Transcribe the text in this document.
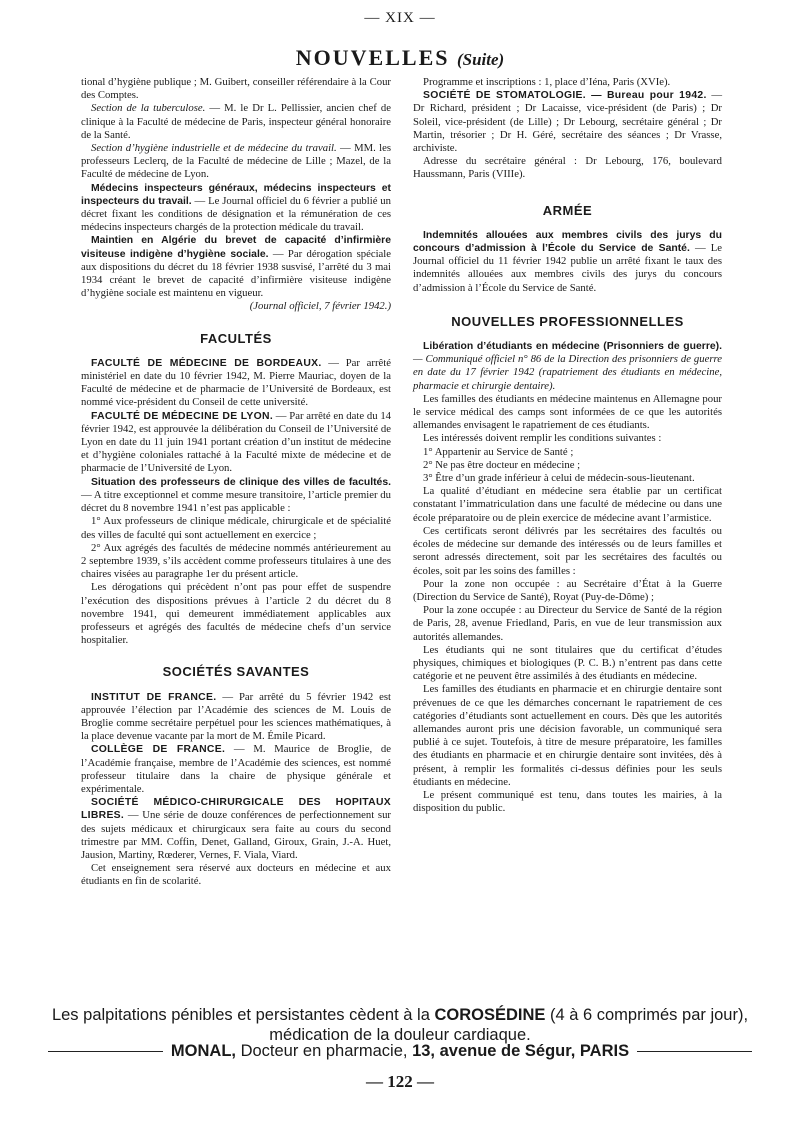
— XIX —
NOUVELLES (Suite)

tional d’hygiène publique ; M. Guibert, conseiller référendaire à la Cour des Comptes.

Section de la tuberculose. — M. le Dr L. Pellissier, ancien chef de clinique à la Faculté de médecine de Paris, inspecteur général honoraire de la Santé.

Section d’hygiène industrielle et de médecine du travail. — MM. les professeurs Leclerq, de la Faculté de médecine de Lille ; Mazel, de la Faculté de médecine de Lyon.

Médecins inspecteurs généraux, médecins inspecteurs et inspecteurs du travail. — Le Journal officiel du 6 février a publié un décret fixant les conditions de désignation et la rémunération de ces médecins inspecteurs chargés de la protection médicale du travail.

Maintien en Algérie du brevet de capacité d’infirmière visiteuse indigène d’hygiène sociale. — Par dérogation spéciale aux dispositions du décret du 18 février 1938 susvisé, l’arrêté du 3 mai 1934 créant le brevet de capacité d’infirmière visiteuse indigène d’hygiène sociale est maintenu en vigueur.

(Journal officiel, 7 février 1942.)

FACULTÉS

FACULTÉ DE MÉDECINE DE BORDEAUX. — Par arrêté ministériel en date du 10 février 1942, M. Pierre Mauriac, doyen de la Faculté de médecine et de pharmacie de l’Université de Bordeaux, est nommé vice-président du Conseil de cette université.

FACULTÉ DE MÉDECINE DE LYON. — Par arrêté en date du 14 février 1942, est approuvée la délibération du Conseil de l’Université de Lyon en date du 11 juin 1941 portant création d’un institut de médecine et d’hygiène coloniales rattaché à la Faculté mixte de médecine et de pharmacie de l’Université de Lyon.

Situation des professeurs de clinique des villes de facultés. — A titre exceptionnel et comme mesure transitoire, l’article premier du décret du 8 novembre 1941 n’est pas applicable :

1° Aux professeurs de clinique médicale, chirurgicale et de spécialité des villes de faculté qui sont actuellement en exercice ;

2° Aux agrégés des facultés de médecine nommés antérieurement au 2 septembre 1939, s’ils accèdent comme professeurs titulaires à une des chaires visées au paragraphe 1er du présent article.

Les dérogations qui précèdent n’ont pas pour effet de suspendre l’exécution des dispositions prévues à l’article 2 du décret du 8 novembre 1941, qui demeurent immédiatement applicables aux professeurs et agrégés des facultés de médecine chefs d’un service hospitalier.

SOCIÉTÉS SAVANTES

INSTITUT DE FRANCE. — Par arrêté du 5 février 1942 est approuvée l’élection par l’Académie des sciences de M. Louis de Broglie comme secrétaire perpétuel pour les sciences mathématiques, à la place devenue vacante par la mort de M. Émile Picard.

COLLÈGE DE FRANCE. — M. Maurice de Broglie, de l’Académie française, membre de l’Académie des sciences, est nommé professeur titulaire dans la chaire de physique générale et expérimentale.

SOCIÉTÉ MÉDICO-CHIRURGICALE DES HOPITAUX LIBRES. — Une série de douze conférences de perfectionnement sur des sujets médicaux et chirurgicaux sera faite au cours du second trimestre par MM. Coffin, Denet, Galland, Giroux, Grain, J.-A. Huet, Jausion, Martiny, Rœderer, Vernes, F. Viala, Viard.

Cet enseignement sera réservé aux docteurs en médecine et aux étudiants en fin de scolarité.

Programme et inscriptions : 1, place d’Iéna, Paris (XVIe).

SOCIÉTÉ DE STOMATOLOGIE. — Bureau pour 1942. — Dr Richard, président ; Dr Lacaisse, vice-président (de Paris) ; Dr Soleil, vice-président (de Lille) ; Dr Lebourg, secrétaire général ; Dr Martin, trésorier ; Dr H. Géré, secrétaire des séances ; Dr Vrasse, archiviste.

Adresse du secrétaire général : Dr Lebourg, 176, boulevard Haussmann, Paris (VIIIe).

ARMÉE

Indemnités allouées aux membres civils des jurys du concours d’admission à l’École du Service de Santé. — Le Journal officiel du 11 février 1942 publie un arrêté fixant le taux des indemnités allouées aux membres civils des jurys du concours d’admission à l’École du Service de Santé.

NOUVELLES PROFESSIONNELLES

Libération d’étudiants en médecine (Prisonniers de guerre). — Communiqué officiel n° 86 de la Direction des prisonniers de guerre en date du 17 février 1942 (rapatriement des étudiants en médecine, pharmacie et chirurgie dentaire).

Les familles des étudiants en médecine maintenus en Allemagne pour le service médical des camps sont informées de ce que les autorités allemandes envisagent le rapatriement de ces étudiants.

Les intéressés doivent remplir les conditions suivantes :

1° Appartenir au Service de Santé ;

2° Ne pas être docteur en médecine ;

3° Être d’un grade inférieur à celui de médecin-sous-lieutenant.

La qualité d’étudiant en médecine sera établie par un certificat constatant l’immatriculation dans une faculté de médecine ou dans une école préparatoire ou de plein exercice de médecine avant l’armistice.

Ces certificats seront délivrés par les secrétaires des facultés ou écoles de médecine sur demande des intéressés ou de leurs familles et seront adressés directement, soit par les secrétaires des facultés ou écoles, soit par les soins des familles :

Pour la zone non occupée : au Secrétaire d’État à la Guerre (Direction du Service de Santé), Royat (Puy-de-Dôme) ;

Pour la zone occupée : au Directeur du Service de Santé de la région de Paris, 28, avenue Friedland, Paris, en vue de leur transmission aux autorités allemandes.

Les étudiants qui ne sont titulaires que du certificat d’études physiques, chimiques et biologiques (P. C. B.) n’entrent pas dans cette catégorie et ne peuvent être assimilés à des étudiants en médecine.

Les familles des étudiants en pharmacie et en chirurgie dentaire sont prévenues de ce que les démarches concernant le rapatriement de ces catégories d’étudiants sont actuellement en cours. Dès que les autorités allemandes auront pris une décision favorable, un communiqué sera publié à ce sujet. Toutefois, à titre de mesure préparatoire, les familles des étudiants en pharmacie et en chirurgie dentaire sont invitées, dès à présent, à remplir les formalités ci-dessus définies pour les seuls étudiants en médecine.

Le présent communiqué est tenu, dans toutes les mairies, à la disposition du public.

Les palpitations pénibles et persistantes cèdent à la COROSÉDINE (4 à 6 comprimés par jour),
médication de la douleur cardiaque.
MONAL, Docteur en pharmacie, 13, avenue de Ségur, PARIS
— 122 —
